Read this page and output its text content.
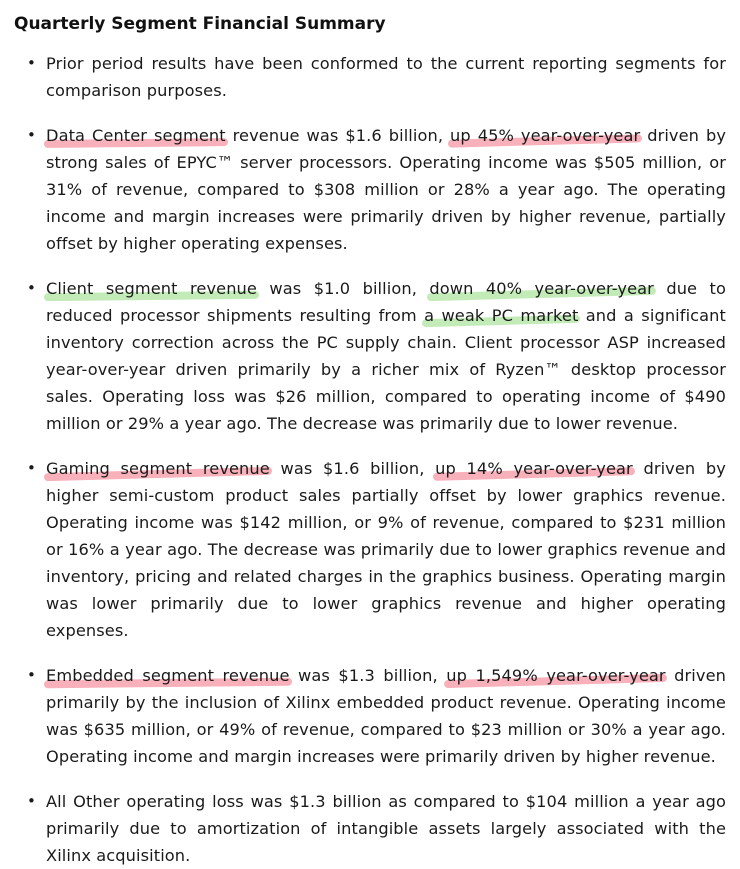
Quarterly Segment Financial Summary
• Prior period results have been conformed to the current reporting segments for comparison purposes.
• Data Center segment revenue was $1.6 billion, up 45% year-over-year driven by strong sales of EPYC™ server processors. Operating income was $505 million, or 31% of revenue, compared to $308 million or 28% a year ago. The operating income and margin increases were primarily driven by higher revenue, partially offset by higher operating expenses.
• Client segment revenue was $1.0 billion, down 40% year-over-year due to reduced processor shipments resulting from a weak PC market and a significant inventory correction across the PC supply chain. Client processor ASP increased year-over-year driven primarily by a richer mix of Ryzen™ desktop processor sales. Operating loss was $26 million, compared to operating income of $490 million or 29% a year ago. The decrease was primarily due to lower revenue.
• Gaming segment revenue was $1.6 billion, up 14% year-over-year driven by higher semi-custom product sales partially offset by lower graphics revenue. Operating income was $142 million, or 9% of revenue, compared to $231 million or 16% a year ago. The decrease was primarily due to lower graphics revenue and inventory, pricing and related charges in the graphics business. Operating margin was lower primarily due to lower graphics revenue and higher operating expenses.
• Embedded segment revenue was $1.3 billion, up 1,549% year-over-year driven primarily by the inclusion of Xilinx embedded product revenue. Operating income was $635 million, or 49% of revenue, compared to $23 million or 30% a year ago. Operating income and margin increases were primarily driven by higher revenue.
• All Other operating loss was $1.3 billion as compared to $104 million a year ago primarily due to amortization of intangible assets largely associated with the Xilinx acquisition.
